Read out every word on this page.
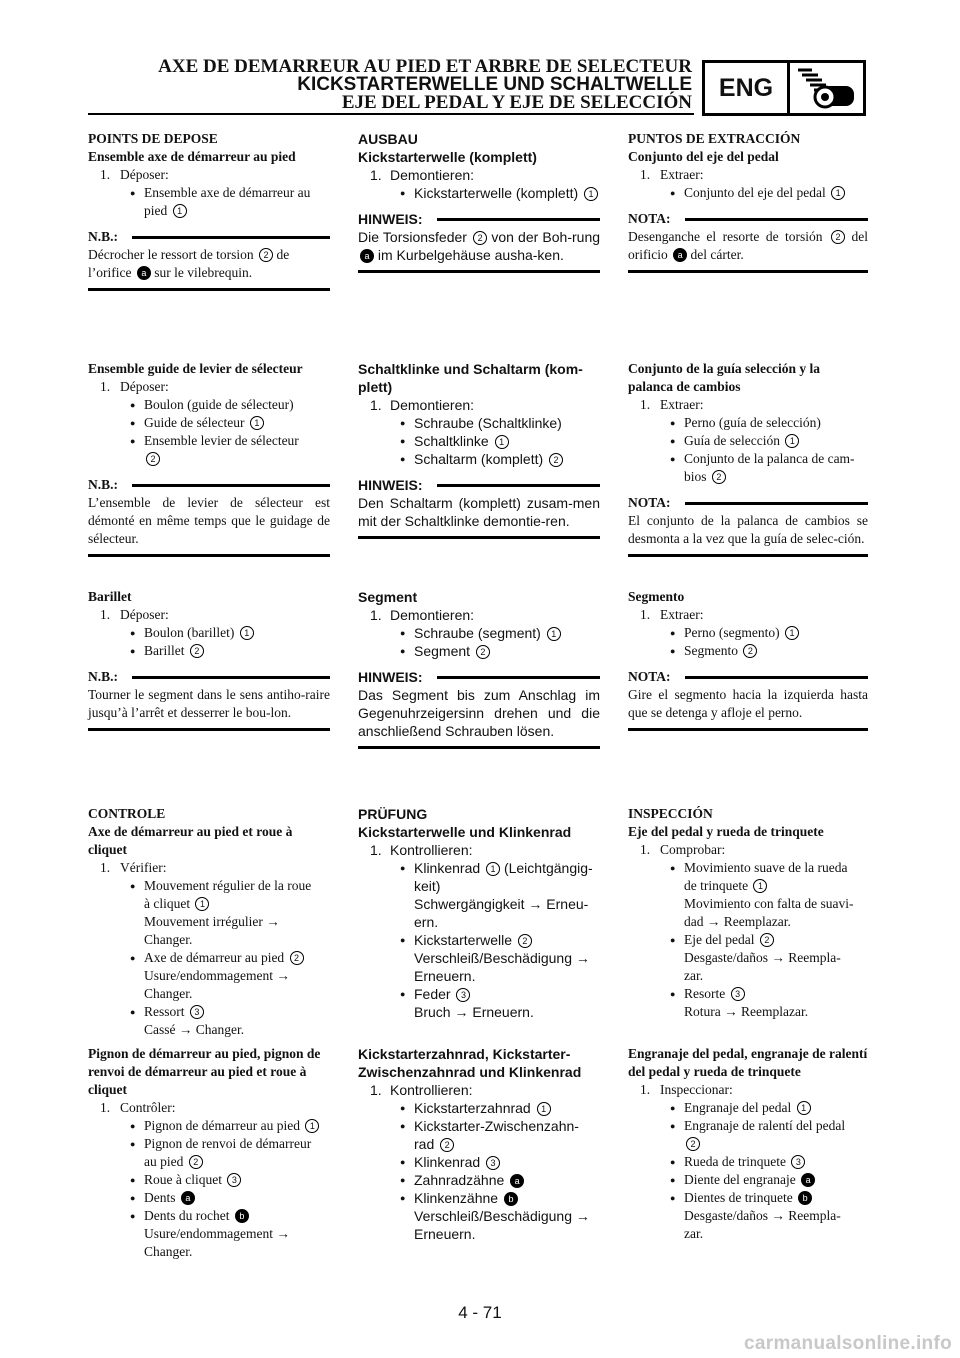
AXE DE DEMARREUR AU PIED ET ARBRE DE SELECTEUR
KICKSTARTERWELLE UND SCHALTWELLE
EJE DEL PEDAL Y EJE DE SELECCIÓN
ENG
POINTS DE DEPOSE
Ensemble axe de démarreur au pied
1. Déposer:
● Ensemble axe de démarreur au
pied 1
N.B.:
Décrocher le ressort de torsion 2 de
l’orifice a sur le vilebrequin.
Ensemble guide de levier de sélecteur
1. Déposer:
● Boulon (guide de sélecteur)
● Guide de sélecteur 1
● Ensemble levier de sélecteur
2
N.B.:
L’ensemble de levier de sélecteur est démonté en même temps que le guidage de sélecteur.
Barillet
1. Déposer:
● Boulon (barillet) 1
● Barillet 2
N.B.:
Tourner le segment dans le sens antiho-raire jusqu’à l’arrêt et desserrer le bou-lon.
CONTROLE
Axe de démarreur au pied et roue à cliquet
1. Vérifier:
● Mouvement régulier de la roue
à cliquet 1
Mouvement irrégulier →
Changer.
● Axe de démarreur au pied 2
Usure/endommagement →
Changer.
● Ressort 3
Cassé → Changer.
Pignon de démarreur au pied, pignon de renvoi de démarreur au pied et roue à cliquet
1. Contrôler:
● Pignon de démarreur au pied 1
● Pignon de renvoi de démarreur
au pied 2
● Roue à cliquet 3
● Dents a
● Dents du rochet b
Usure/endommagement →
Changer.
AUSBAU
Kickstarterwelle (komplett)
1. Demontieren:
● Kickstarterwelle (komplett) 1
HINWEIS:
Die Torsionsfeder 2 von der Boh-rung a im Kurbelgehäuse ausha-ken.
Schaltklinke und Schaltarm (kom-plett)
1. Demontieren:
● Schraube (Schaltklinke)
● Schaltklinke 1
● Schaltarm (komplett) 2
HINWEIS:
Den Schaltarm (komplett) zusam-men mit der Schaltklinke demontie-ren.
Segment
1. Demontieren:
● Schraube (segment) 1
● Segment 2
HINWEIS:
Das Segment bis zum Anschlag im Gegenuhrzeigersinn drehen und die anschließend Schrauben lösen.
PRÜFUNG
Kickstarterwelle und Klinkenrad
1. Kontrollieren:
● Klinkenrad 1 (Leichtgängig-keit)
Schwergängigkeit → Erneu-ern.
● Kickstarterwelle 2
Verschleiß/Beschädigung →
Erneuern.
● Feder 3
Bruch → Erneuern.
Kickstarterzahnrad, Kickstarter-Zwischenzahnrad und Klinkenrad
1. Kontrollieren:
● Kickstarterzahnrad 1
● Kickstarter-Zwischenzahn-
rad 2
● Klinkenrad 3
● Zahnradzähne a
● Klinkenzähne b
Verschleiß/Beschädigung →
Erneuern.
PUNTOS DE EXTRACCIÓN
Conjunto del eje del pedal
1. Extraer:
● Conjunto del eje del pedal 1
NOTA:
Desenganche el resorte de torsión 2 del orificio a del cárter.
Conjunto de la guía selección y la palanca de cambios
1. Extraer:
● Perno (guía de selección)
● Guía de selección 1
● Conjunto de la palanca de cam-
bios 2
NOTA:
El conjunto de la palanca de cambios se desmonta a la vez que la guía de selec-ción.
Segmento
1. Extraer:
● Perno (segmento) 1
● Segmento 2
NOTA:
Gire el segmento hacia la izquierda hasta que se detenga y afloje el perno.
INSPECCIÓN
Eje del pedal y rueda de trinquete
1. Comprobar:
● Movimiento suave de la rueda
de trinquete 1
Movimiento con falta de suavi-
dad → Reemplazar.
● Eje del pedal 2
Desgaste/daños → Reempla-
zar.
● Resorte 3
Rotura → Reemplazar.
Engranaje del pedal, engranaje de ralentí del pedal y rueda de trinquete
1. Inspeccionar:
● Engranaje del pedal 1
● Engranaje de ralentí del pedal
2
● Rueda de trinquete 3
● Diente del engranaje a
● Dientes de trinquete b
Desgaste/daños → Reempla-
zar.
4 - 71
carmanualsonline.info
